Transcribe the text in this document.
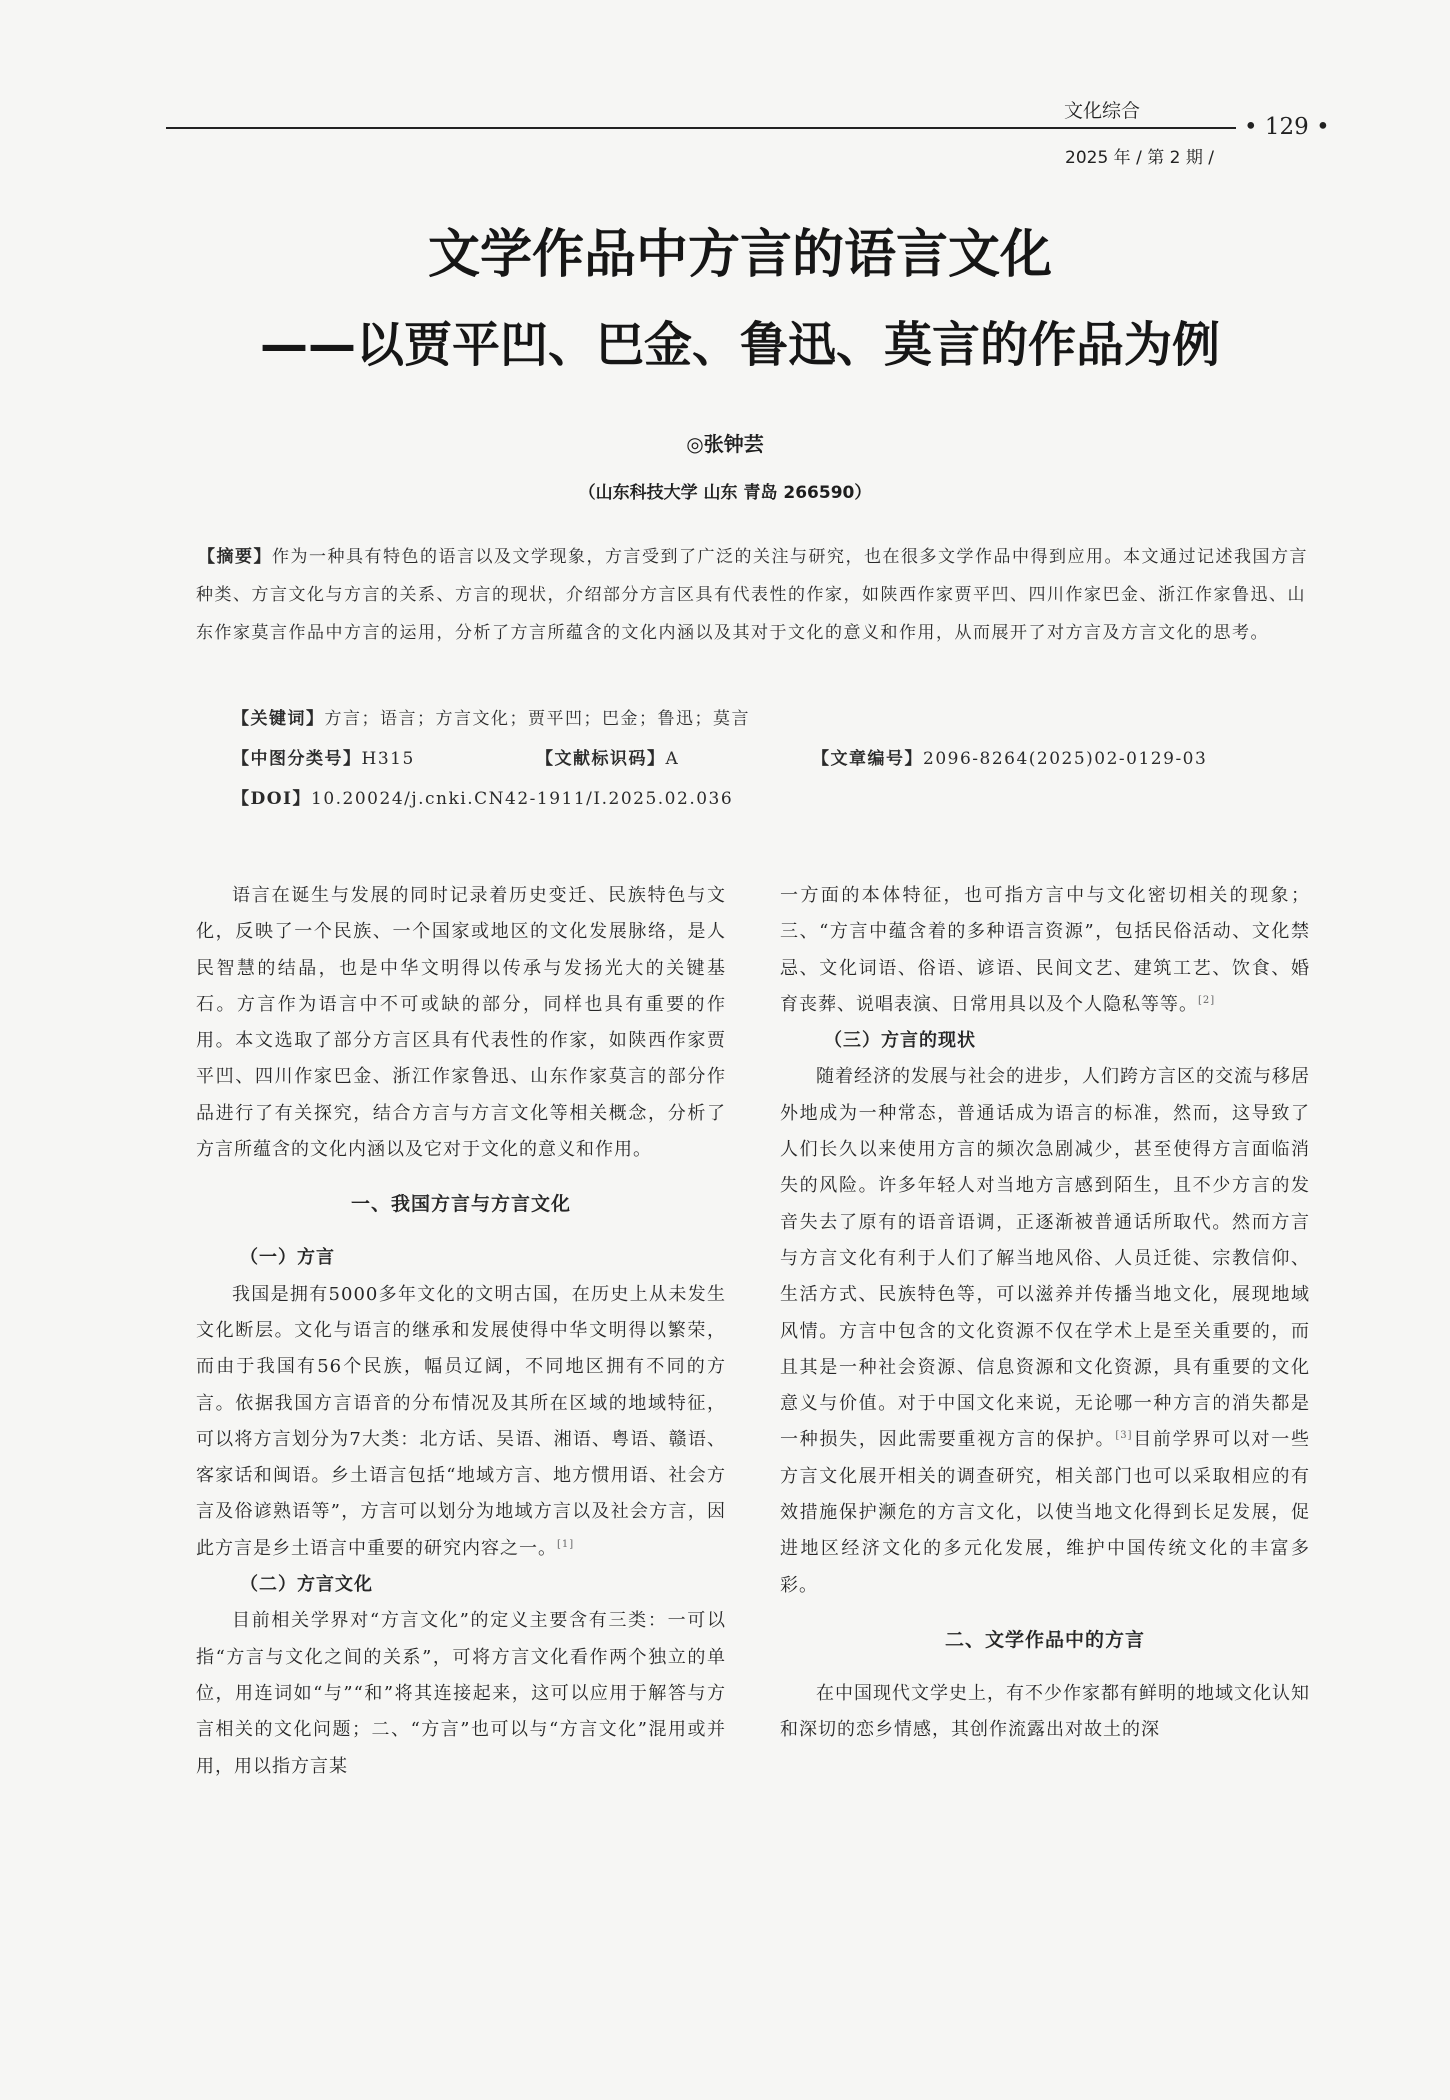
文化综合
• 129 •
2025 年 / 第 2 期 /
文学作品中方言的语言文化
——以贾平凹、巴金、鲁迅、莫言的作品为例
◎张钟芸
（山东科技大学 山东 青岛 266590）
【摘要】作为一种具有特色的语言以及文学现象，方言受到了广泛的关注与研究，也在很多文学作品中得到应用。本文通过记述我国方言种类、方言文化与方言的关系、方言的现状，介绍部分方言区具有代表性的作家，如陕西作家贾平凹、四川作家巴金、浙江作家鲁迅、山东作家莫言作品中方言的运用，分析了方言所蕴含的文化内涵以及其对于文化的意义和作用，从而展开了对方言及方言文化的思考。
【关键词】方言；语言；方言文化；贾平凹；巴金；鲁迅；莫言
【中图分类号】H315	【文献标识码】A	【文章编号】2096-8264(2025)02-0129-03
【DOI】10.20024/j.cnki.CN42-1911/I.2025.02.036

语言在诞生与发展的同时记录着历史变迁、民族特色与文化，反映了一个民族、一个国家或地区的文化发展脉络，是人民智慧的结晶，也是中华文明得以传承与发扬光大的关键基石。方言作为语言中不可或缺的部分，同样也具有重要的作用。本文选取了部分方言区具有代表性的作家，如陕西作家贾平凹、四川作家巴金、浙江作家鲁迅、山东作家莫言的部分作品进行了有关探究，结合方言与方言文化等相关概念，分析了方言所蕴含的文化内涵以及它对于文化的意义和作用。

一、我国方言与方言文化
（一）方言

我国是拥有5000多年文化的文明古国，在历史上从未发生文化断层。文化与语言的继承和发展使得中华文明得以繁荣，而由于我国有56个民族，幅员辽阔，不同地区拥有不同的方言。依据我国方言语音的分布情况及其所在区域的地域特征，可以将方言划分为7大类：北方话、吴语、湘语、粤语、赣语、客家话和闽语。乡土语言包括“地域方言、地方惯用语、社会方言及俗谚熟语等”，方言可以划分为地域方言以及社会方言，因此方言是乡土语言中重要的研究内容之一。[1]

（二）方言文化

目前相关学界对“方言文化”的定义主要含有三类：一可以指“方言与文化之间的关系”，可将方言文化看作两个独立的单位，用连词如“与”“和”将其连接起来，这可以应用于解答与方言相关的文化问题；二、“方言”也可以与“方言文化”混用或并用，用以指方言某

一方面的本体特征，也可指方言中与文化密切相关的现象；三、“方言中蕴含着的多种语言资源”，包括民俗活动、文化禁忌、文化词语、俗语、谚语、民间文艺、建筑工艺、饮食、婚育丧葬、说唱表演、日常用具以及个人隐私等等。[2]

（三）方言的现状

随着经济的发展与社会的进步，人们跨方言区的交流与移居外地成为一种常态，普通话成为语言的标准，然而，这导致了人们长久以来使用方言的频次急剧减少，甚至使得方言面临消失的风险。许多年轻人对当地方言感到陌生，且不少方言的发音失去了原有的语音语调，正逐渐被普通话所取代。然而方言与方言文化有利于人们了解当地风俗、人员迁徙、宗教信仰、生活方式、民族特色等，可以滋养并传播当地文化，展现地域风情。方言中包含的文化资源不仅在学术上是至关重要的，而且其是一种社会资源、信息资源和文化资源，具有重要的文化意义与价值。对于中国文化来说，无论哪一种方言的消失都是一种损失，因此需要重视方言的保护。[3]目前学界可以对一些方言文化展开相关的调查研究，相关部门也可以采取相应的有效措施保护濒危的方言文化，以使当地文化得到长足发展，促进地区经济文化的多元化发展，维护中国传统文化的丰富多彩。

二、文学作品中的方言

在中国现代文学史上，有不少作家都有鲜明的地域文化认知和深切的恋乡情感，其创作流露出对故土的深
